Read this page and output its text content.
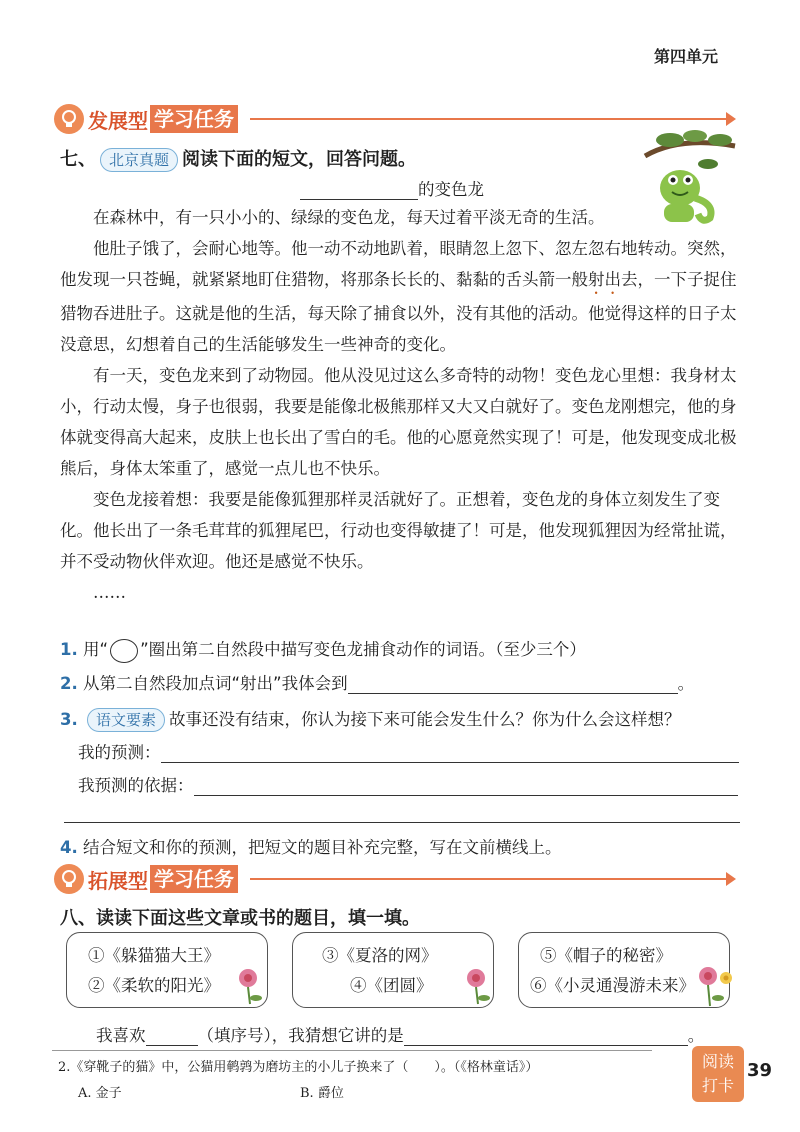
第四单元
发展型 学习任务
七、 北京真题 阅读下面的短文，回答问题。
的变色龙

在森林中，有一只小小的、绿绿的变色龙，每天过着平淡无奇的生活。

他肚子饿了，会耐心地等。他一动不动地趴着，眼睛忽上忽下、忽左忽右地转动。突然，他发现一只苍蝇，就紧紧地盯住猎物，将那条长长的、黏黏的舌头箭一般射出去，一下子捉住猎物吞进肚子。这就是他的生活，每天除了捕食以外，没有其他的活动。他觉得这样的日子太没意思，幻想着自己的生活能够发生一些神奇的变化。

有一天，变色龙来到了动物园。他从没见过这么多奇特的动物！变色龙心里想：我身材太小，行动太慢，身子也很弱，我要是能像北极熊那样又大又白就好了。变色龙刚想完，他的身体就变得高大起来，皮肤上也长出了雪白的毛。他的心愿竟然实现了！可是，他发现变成北极熊后，身体太笨重了，感觉一点儿也不快乐。

变色龙接着想：我要是能像狐狸那样灵活就好了。正想着，变色龙的身体立刻发生了变化。他长出了一条毛茸茸的狐狸尾巴，行动也变得敏捷了！可是，他发现狐狸因为经常扯谎，并不受动物伙伴欢迎。他还是感觉不快乐。

……

1. 用“ ”圈出第二自然段中描写变色龙捕食动作的词语。（至少三个）
2. 从第二自然段加点词“射出”我体会到	。
3. 语文要素 故事还没有结束，你认为接下来可能会发生什么？你为什么会这样想？
我的预测：
我预测的依据：
4. 结合短文和你的预测，把短文的题目补充完整，写在文前横线上。
拓展型 学习任务
八、读读下面这些文章或书的题目，填一填。
①《躲猫猫大王》
②《柔软的阳光》
③《夏洛的网》
④《团圆》
⑤《帽子的秘密》
⑥《小灵通漫游未来》
我喜欢	（填序号），我猜想它讲的是	。
2.《穿靴子的猫》中，公猫用鹌鹑为磨坊主的小儿子换来了（　　）。（《格林童话》）
A. 金子	B. 爵位
阅读
打卡
39
